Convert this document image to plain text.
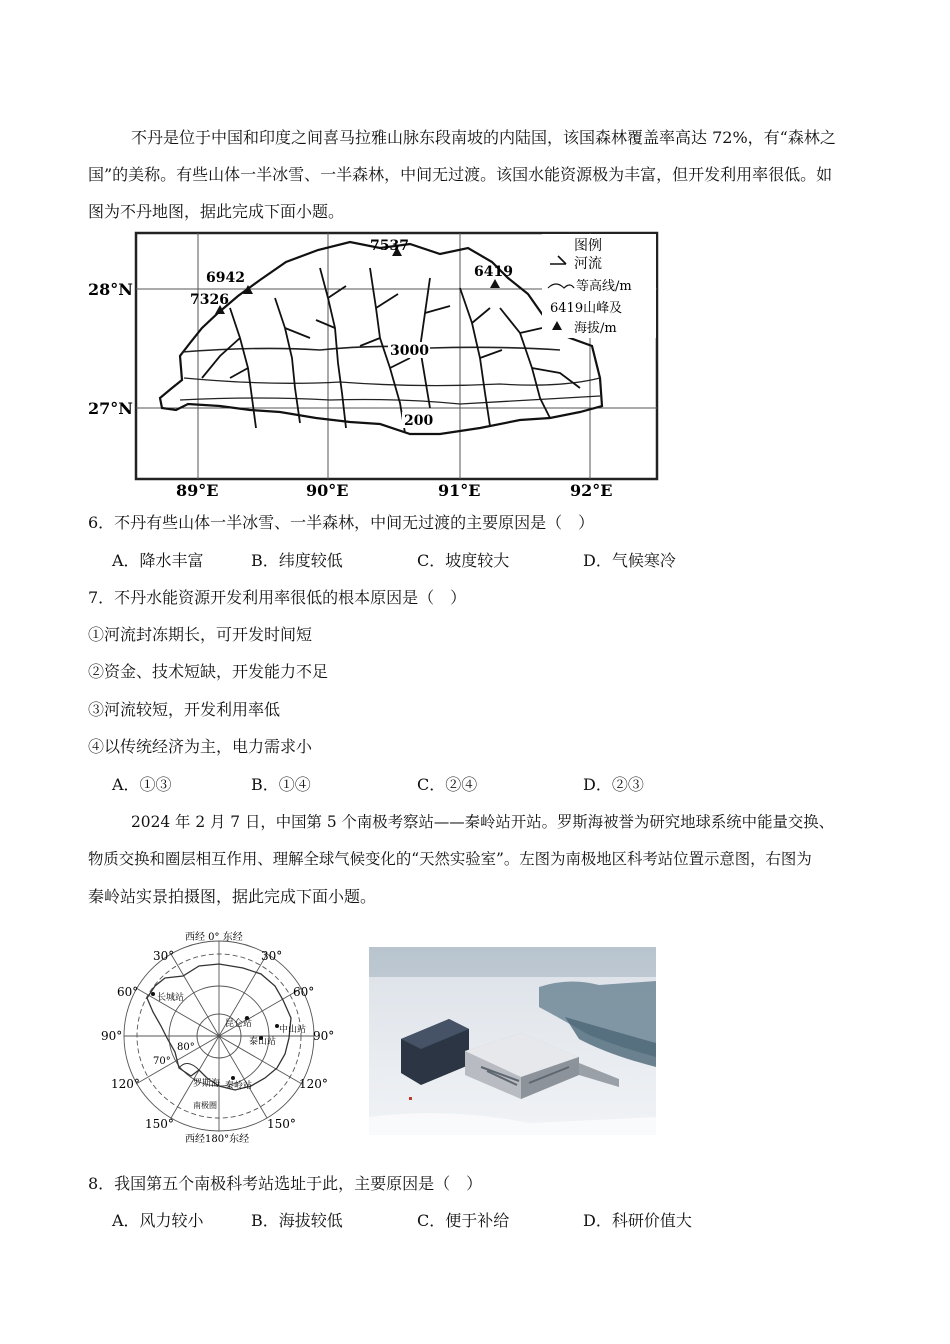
不丹是位于中国和印度之间喜马拉雅山脉东段南坡的内陆国，该国森林覆盖率高达 72%，有“森林之
国”的美称。有些山体一半冰雪、一半森林，中间无过渡。该国水能资源极为丰富，但开发利用率很低。如
图为不丹地图，据此完成下面小题。
7537
6942
7326
6419
3000
200
图例
河流
等高线/m
6419山峰及
海拔/m
28°N
27°N
89°E	90°E	91°E	92°E
6．不丹有些山体一半冰雪、一半森林，中间无过渡的主要原因是（　）
A．降水丰富	B．纬度较低	C．坡度较大	D．气候寒冷
7．不丹水能资源开发利用率很低的根本原因是（　）
①河流封冻期长，可开发时间短
②资金、技术短缺，开发能力不足
③河流较短，开发利用率低
④以传统经济为主，电力需求小
A．①③	B．①④	C．②④	D．②③
2024 年 2 月 7 日，中国第 5 个南极考察站——秦岭站开站。罗斯海被誉为研究地球系统中能量交换、
物质交换和圈层相互作用、理解全球气候变化的“天然实验室”。左图为南极地区科考站位置示意图，右图为
秦岭站实景拍摄图，据此完成下面小题。
西经 0° 东经
西经180°东经
30°
30°
60°	60°
90°	90°
120°	120°
150°	150°
80°
70°
长城站
昆仑站
中山站
泰山站
罗斯海 秦岭站
南极圈
8．我国第五个南极科考站选址于此，主要原因是（　）
A．风力较小	B．海拔较低	C．便于补给	D．科研价值大
